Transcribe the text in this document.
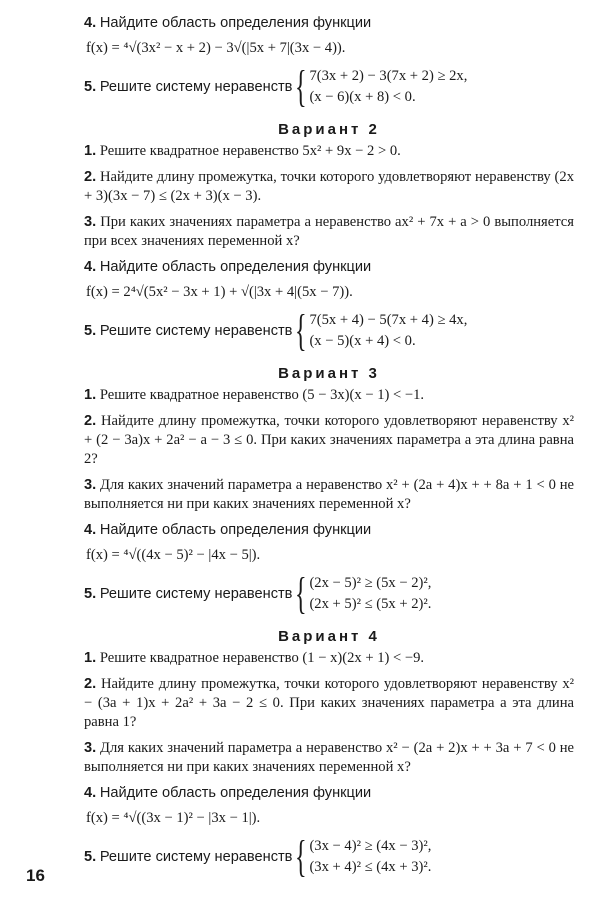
4. Найдите область определения функции
f(x) = ⁴√(3x² − x + 2) − 3√(|5x + 7|(3x − 4)).
5.
Решите систему неравенств { 7(3x + 2) − 3(7x + 2) ≥ 2x,
(x − 6)(x + 8) < 0.
Вариант 2
1. Решите квадратное неравенство 5x² + 9x − 2 > 0.
2. Найдите длину промежутка, точки которого удовлетворяют неравенству (2x + 3)(3x − 7) ≤ (2x + 3)(x − 3).
3. При каких значениях параметра a неравенство ax² + 7x + a > 0 выполняется при всех значениях переменной x?
4. Найдите область определения функции
f(x) = 2⁴√(5x² − 3x + 1) + √(|3x + 4|(5x − 7)).
5.
Решите систему неравенств { 7(5x + 4) − 5(7x + 4) ≥ 4x,
(x − 5)(x + 4) < 0.
Вариант 3
1. Решите квадратное неравенство (5 − 3x)(x − 1) < −1.
2. Найдите длину промежутка, точки которого удовлетворяют неравенству x² + (2 − 3a)x + 2a² − a − 3 ≤ 0. При каких значениях параметра a эта длина равна 2?
3. Для каких значений параметра a неравенство x² + (2a + 4)x + + 8a + 1 < 0 не выполняется ни при каких значениях переменной x?
4. Найдите область определения функции
f(x) = ⁴√((4x − 5)² − |4x − 5|).
5.
Решите систему неравенств { (2x − 5)² ≥ (5x − 2)²,
(2x + 5)² ≤ (5x + 2)².
Вариант 4
1. Решите квадратное неравенство (1 − x)(2x + 1) < −9.
2. Найдите длину промежутка, точки которого удовлетворяют неравенству x² − (3a + 1)x + 2a² + 3a − 2 ≤ 0. При каких значениях параметра a эта длина равна 1?
3. Для каких значений параметра a неравенство x² − (2a + 2)x + + 3a + 7 < 0 не выполняется ни при каких значениях переменной x?
4. Найдите область определения функции
f(x) = ⁴√((3x − 1)² − |3x − 1|).
5.
Решите систему неравенств { (3x − 4)² ≥ (4x − 3)²,
(3x + 4)² ≤ (4x + 3)².
16
